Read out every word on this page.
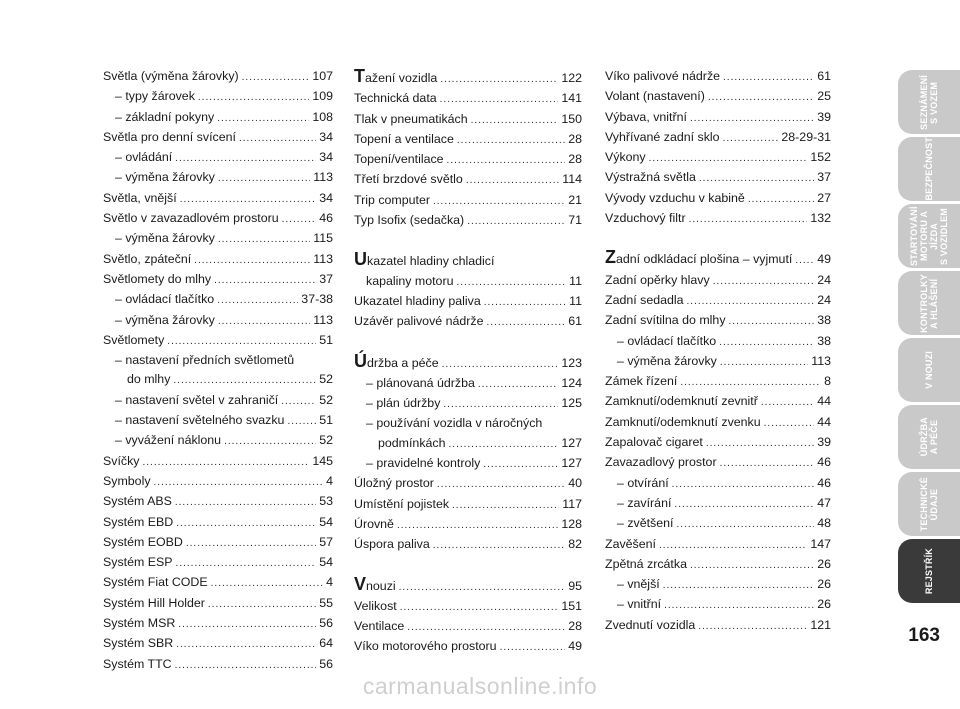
Světla (výměna žárovky) .....	107
– typy žárovek .....	109
– základní pokyny .....	108
Světla pro denní svícení .....	34
– ovládání .....	34
– výměna žárovky .....	113
Světla, vnější .....	34
Světlo v zavazadlovém prostoru .....	46
– výměna žárovky .....	115
Světlo, zpáteční .....	113
Světlomety do mlhy .....	37
– ovládací tlačítko .....	37-38
– výměna žárovky .....	113
Světlomety .....	51
– nastavení předních světlometů
do mlhy .....	52
– nastavení světel v zahraničí .....	52
– nastavení světelného svazku .....	51
– vyvážení náklonu .....	52
Svíčky .....	145
Symboly .....	4
Systém ABS .....	53
Systém EBD .....	54
Systém EOBD .....	57
Systém ESP .....	54
Systém Fiat CODE .....	4
Systém Hill Holder .....	55
Systém MSR .....	56
Systém SBR .....	64
Systém TTC .....	56
Tažení vozidla .....	122
Technická data .....	141
Tlak v pneumatikách .....	150
Topení a ventilace .....	28
Topení/ventilace .....	28
Třetí brzdové světlo .....	114
Trip computer .....	21
Typ Isofix (sedačka) .....	71
Ukazatel hladiny chladicí
kapaliny motoru .....	11
Ukazatel hladiny paliva .....	11
Uzávěr palivové nádrže .....	61
Údržba a péče .....	123
– plánovaná údržba .....	124
– plán údržby .....	125
– používání vozidla v náročných
podmínkách .....	127
– pravidelné kontroly .....	127
Úložný prostor .....	40
Umístění pojistek .....	117
Úrovně .....	128
Úspora paliva .....	82
Vnouzi .....	95
Velikost .....	151
Ventilace .....	28
Víko motorového prostoru .....	49
Víko palivové nádrže .....	61
Volant (nastavení) .....	25
Výbava, vnitřní .....	39
Vyhřívané zadní sklo .....	28-29-31
Výkony .....	152
Výstražná světla .....	37
Vývody vzduchu v kabině .....	27
Vzduchový filtr .....	132
Zadní odkládací plošina – vyjmutí ..... 49
Zadní opěrky hlavy .....	24
Zadní sedadla .....	24
Zadní svítilna do mlhy .....	38
– ovládací tlačítko .....	38
– výměna žárovky .....	113
Zámek řízení .....	8
Zamknutí/odemknutí zevnitř .....	44
Zamknutí/odemknutí zvenku .....	44
Zapalovač cigaret .....	39
Zavazadlový prostor .....	46
– otvírání .....	46
– zavírání .....	47
– zvětšení .....	48
Zavěšení .....	147
Zpětná zrcátka .....	26
– vnější .....	26
– vnitřní .....	26
Zvednutí vozidla .....	121
SEZNÁMENÍ
S VOZEM
BEZPEČNOST
STARTOVÁNÍ
MOTORU A JÍZDA
S VOZIDLEM
KONTROLKY
A HLÁŠENÍ
V NOUZI
ÚDRŽBA
A PÉČE
TECHNICKÉ
ÚDAJE
REJSTŘÍK
163
carmanualsonline.info
